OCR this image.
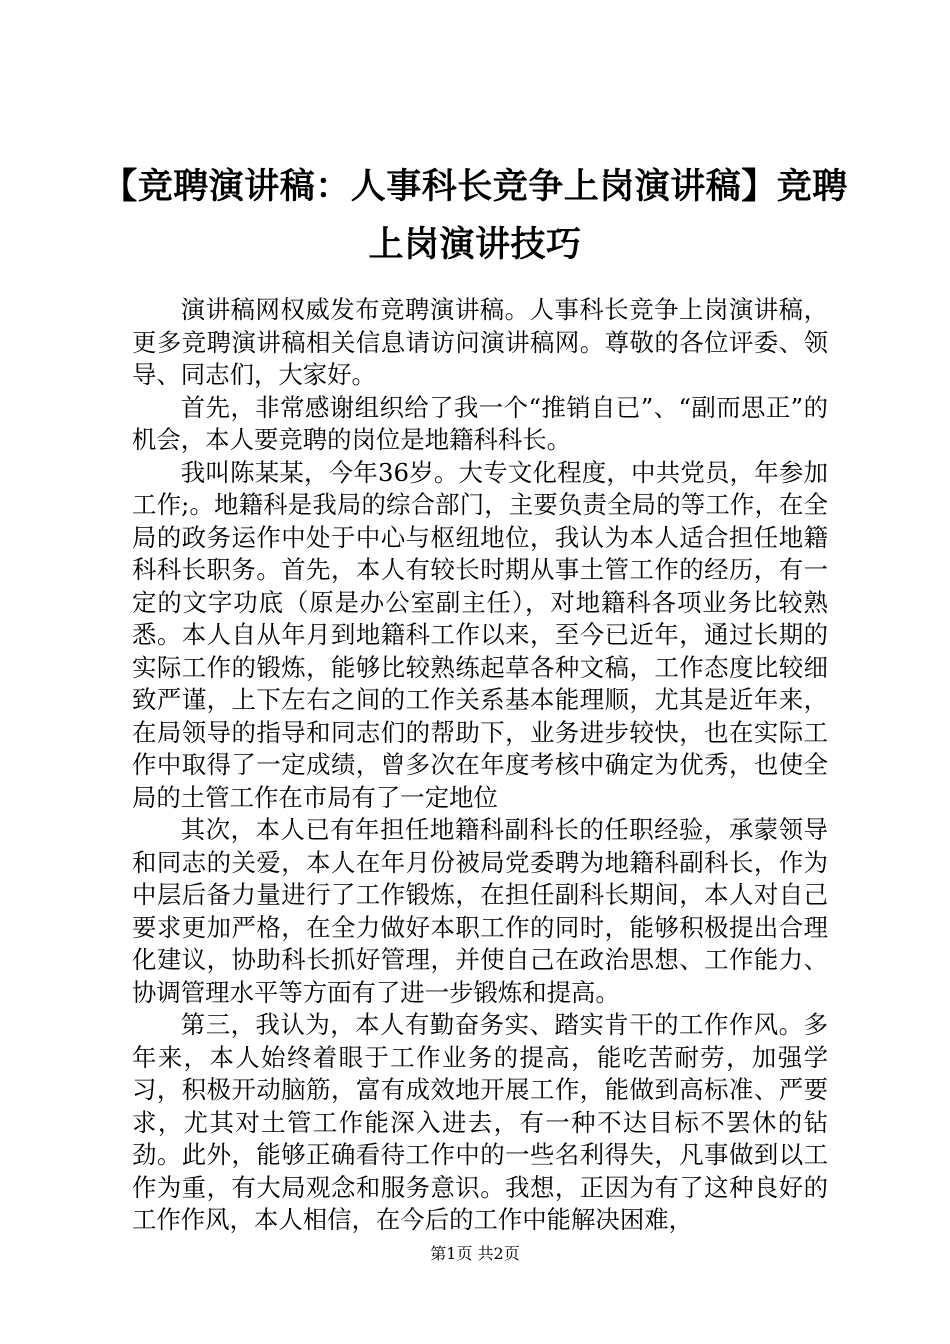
【竞聘演讲稿：人事科长竞争上岗演讲稿】竞聘上岗演讲技巧

演讲稿网权威发布竞聘演讲稿。人事科长竞争上岗演讲稿，更多竞聘演讲稿相关信息请访问演讲稿网。尊敬的各位评委、领导、同志们，大家好。

首先，非常感谢组织给了我一个“推销自已”、“副而思正”的机会，本人要竞聘的岗位是地籍科科长。

我叫陈某某，今年36岁。大专文化程度，中共党员，年参加工作;。地籍科是我局的综合部门，主要负责全局的等工作，在全局的政务运作中处于中心与枢纽地位，我认为本人适合担任地籍科科长职务。首先，本人有较长时期从事土管工作的经历，有一定的文字功底（原是办公室副主任），对地籍科各项业务比较熟悉。本人自从年月到地籍科工作以来，至今已近年，通过长期的实际工作的锻炼，能够比较熟练起草各种文稿，工作态度比较细致严谨，上下左右之间的工作关系基本能理顺，尤其是近年来，在局领导的指导和同志们的帮助下，业务进步较快，也在实际工作中取得了一定成绩，曾多次在年度考核中确定为优秀，也使全局的土管工作在市局有了一定地位

其次，本人已有年担任地籍科副科长的任职经验，承蒙领导和同志的关爱，本人在年月份被局党委聘为地籍科副科长，作为中层后备力量进行了工作锻炼，在担任副科长期间，本人对自己要求更加严格，在全力做好本职工作的同时，能够积极提出合理化建议，协助科长抓好管理，并使自己在政治思想、工作能力、协调管理水平等方面有了进一步锻炼和提高。

第三，我认为，本人有勤奋务实、踏实肯干的工作作风。多年来，本人始终着眼于工作业务的提高，能吃苦耐劳，加强学习，积极开动脑筋，富有成效地开展工作，能做到高标准、严要求，尤其对土管工作能深入进去，有一种不达目标不罢休的钻劲。此外，能够正确看待工作中的一些名利得失，凡事做到以工作为重，有大局观念和服务意识。我想，正因为有了这种良好的工作作风，本人相信，在今后的工作中能解决困难，

第1页 共2页
